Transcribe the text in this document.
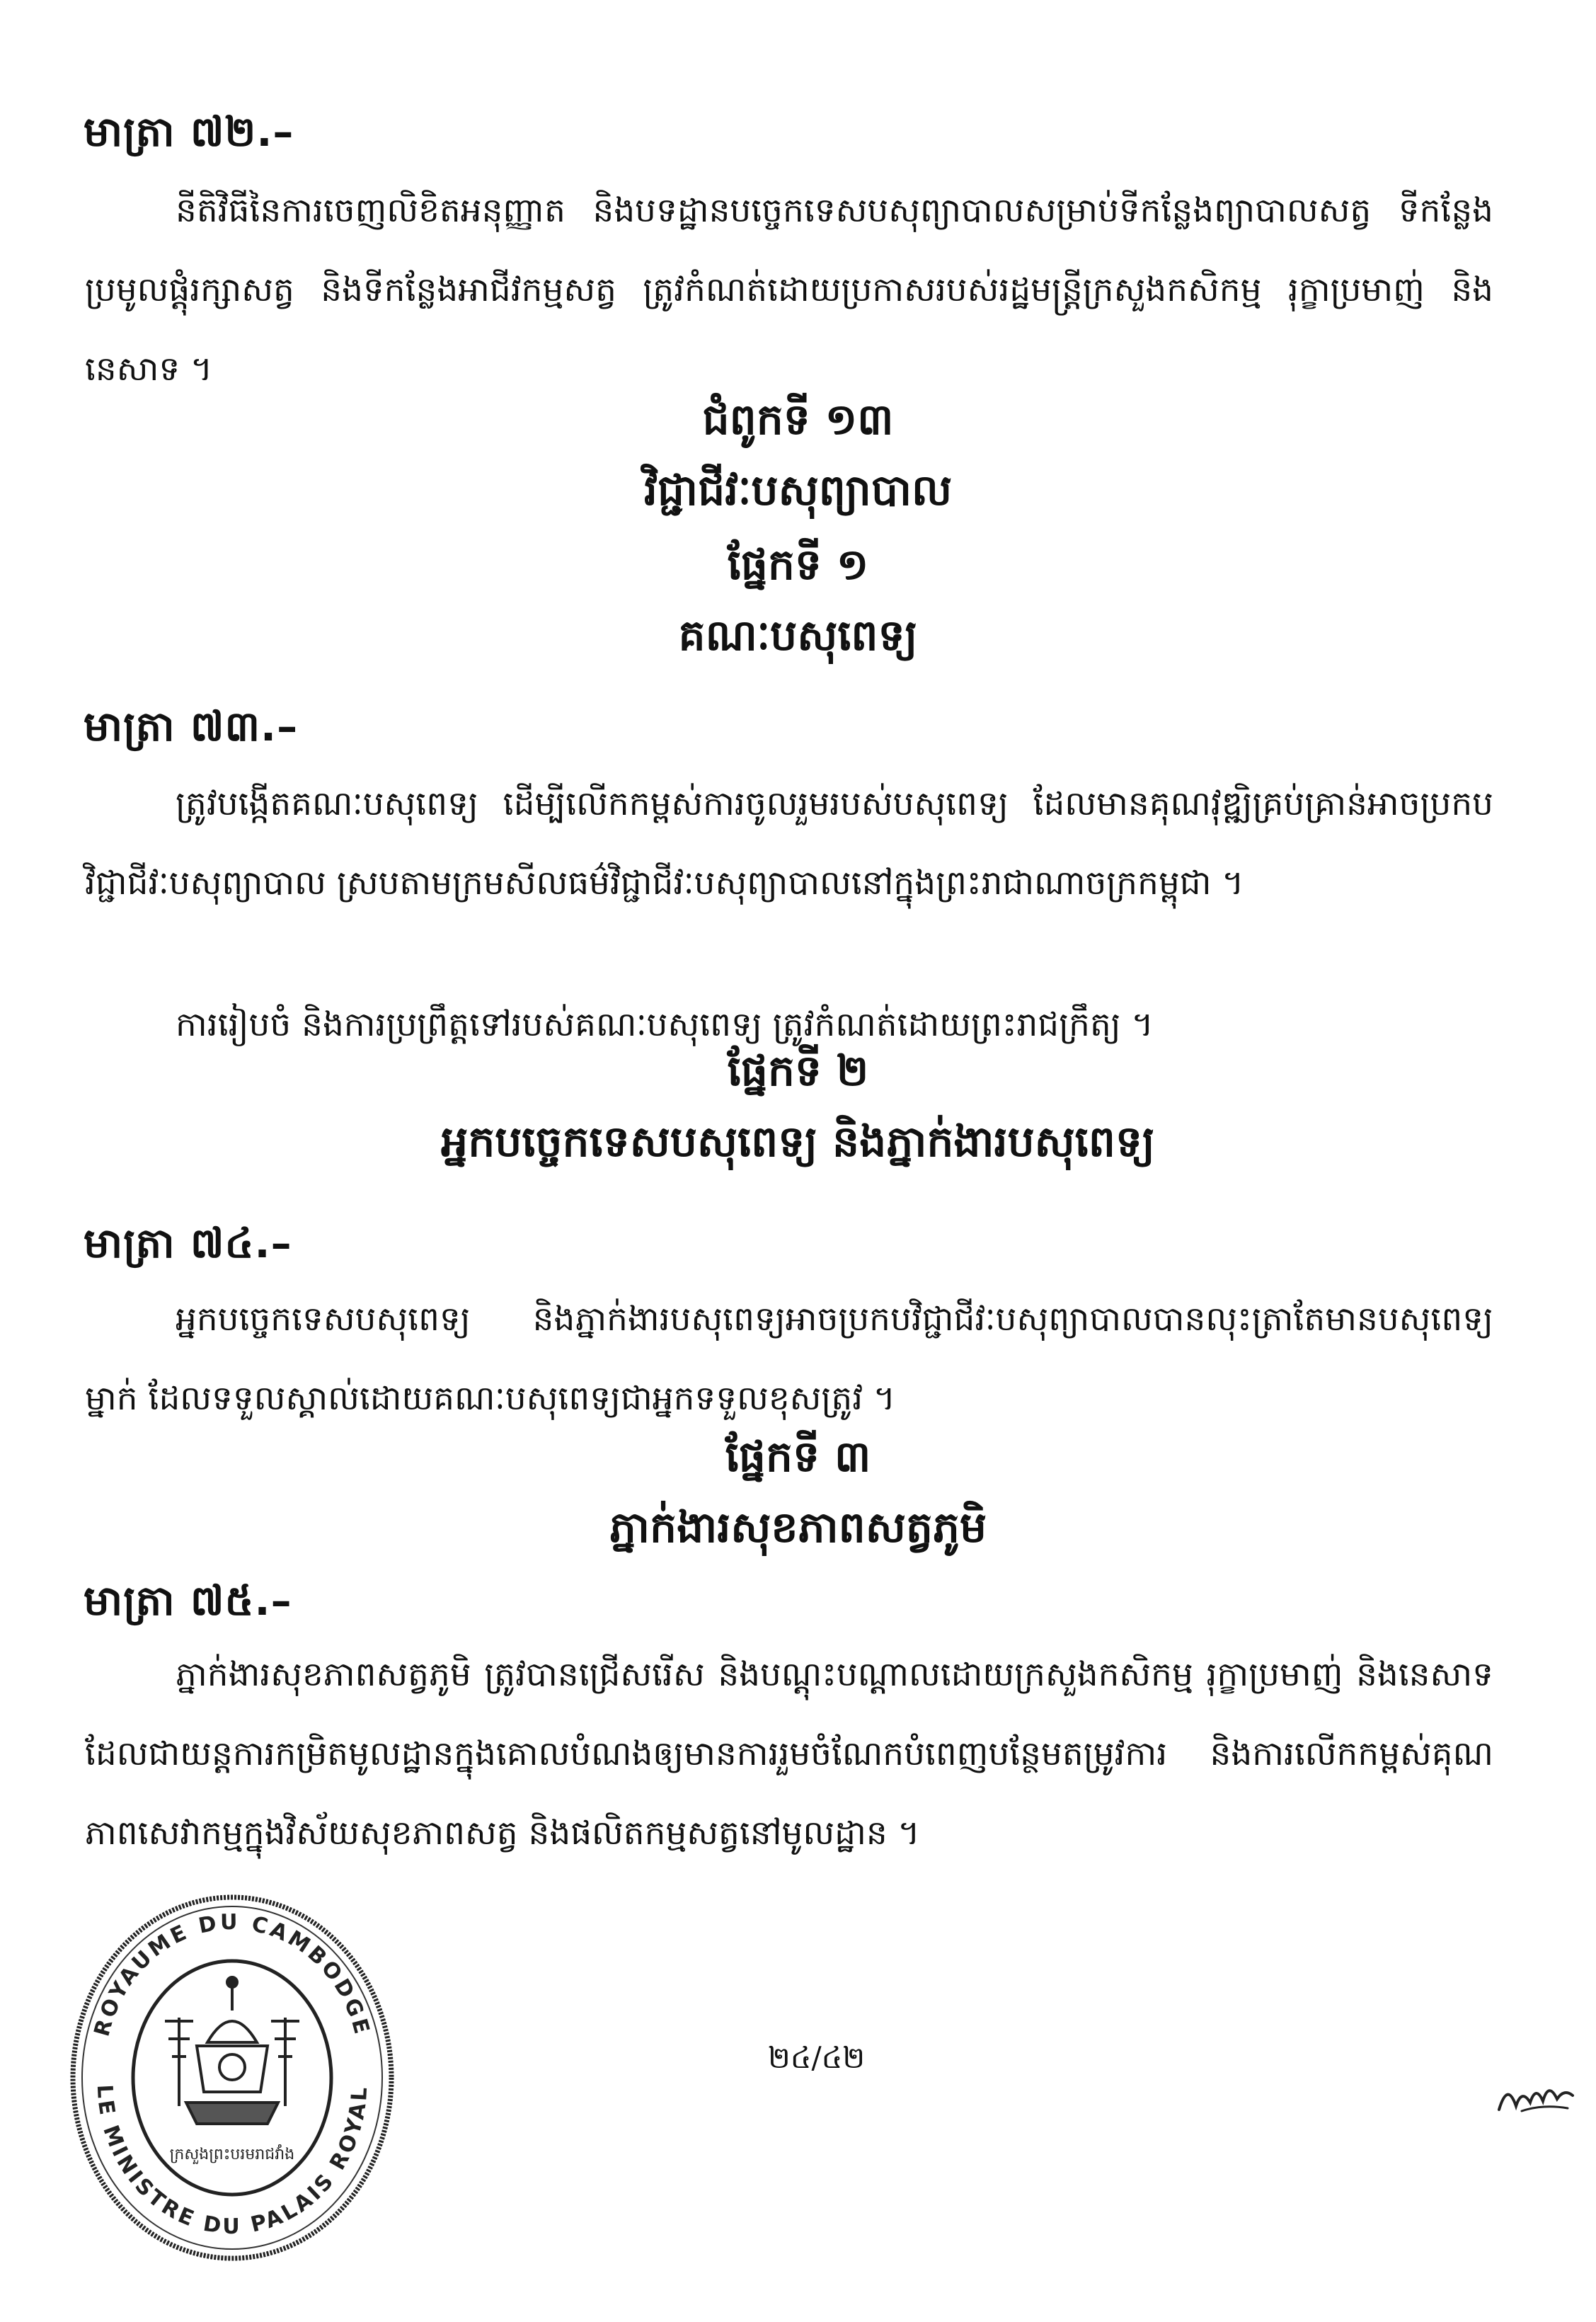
មាត្រា ៧២.–
នីតិវិធីនៃការចេញលិខិតអនុញ្ញាត និងបទដ្ឋានបច្ចេកទេសបសុព្យាបាលសម្រាប់ទីកន្លែងព្យាបាលសត្វ ទីកន្លែងប្រមូលផ្តុំរក្សាសត្វ និងទីកន្លែងអាជីវកម្មសត្វ ត្រូវកំណត់ដោយប្រកាសរបស់រដ្ឋមន្ត្រីក្រសួងកសិកម្ម រុក្ខាប្រមាញ់ និងនេសាទ ។
ជំពូកទី ១៣
វិជ្ជាជីវៈបសុព្យាបាល
ផ្នែកទី ១
គណៈបសុពេទ្យ
មាត្រា ៧៣.–
ត្រូវបង្កើតគណៈបសុពេទ្យ ដើម្បីលើកកម្ពស់ការចូលរួមរបស់បសុពេទ្យ ដែលមានគុណវុឌ្ឍិគ្រប់គ្រាន់អាចប្រកបវិជ្ជាជីវៈបសុព្យាបាល ស្របតាមក្រមសីលធម៌វិជ្ជាជីវៈបសុព្យាបាលនៅក្នុងព្រះរាជាណាចក្រកម្ពុជា ។
ការរៀបចំ និងការប្រព្រឹត្តទៅរបស់គណៈបសុពេទ្យ ត្រូវកំណត់ដោយព្រះរាជក្រឹត្យ ។
ផ្នែកទី ២
អ្នកបច្ចេកទេសបសុពេទ្យ និងភ្នាក់ងារបសុពេទ្យ
មាត្រា ៧៤.–
អ្នកបច្ចេកទេសបសុពេទ្យ និងភ្នាក់ងារបសុពេទ្យអាចប្រកបវិជ្ជាជីវៈបសុព្យាបាលបានលុះត្រាតែមានបសុពេទ្យម្នាក់ ដែលទទួលស្គាល់ដោយគណៈបសុពេទ្យជាអ្នកទទួលខុសត្រូវ ។
ផ្នែកទី ៣
ភ្នាក់ងារសុខភាពសត្វភូមិ
មាត្រា ៧៥.–
ភ្នាក់ងារសុខភាពសត្វភូមិ ត្រូវបានជ្រើសរើស និងបណ្តុះបណ្តាលដោយក្រសួងកសិកម្ម រុក្ខាប្រមាញ់ និងនេសាទ ដែលជាយន្តការកម្រិតមូលដ្ឋានក្នុងគោលបំណងឲ្យមានការរួមចំណែកបំពេញបន្ថែមតម្រូវការ និងការលើកកម្ពស់គុណភាពសេវាកម្មក្នុងវិស័យសុខភាពសត្វ និងផលិតកម្មសត្វនៅមូលដ្ឋាន ។
ROYAUME DU CAMBODGE
LE MINISTRE DU PALAIS ROYAL
ក្រសួងព្រះបរមរាជវាំង
២៤/៤២
